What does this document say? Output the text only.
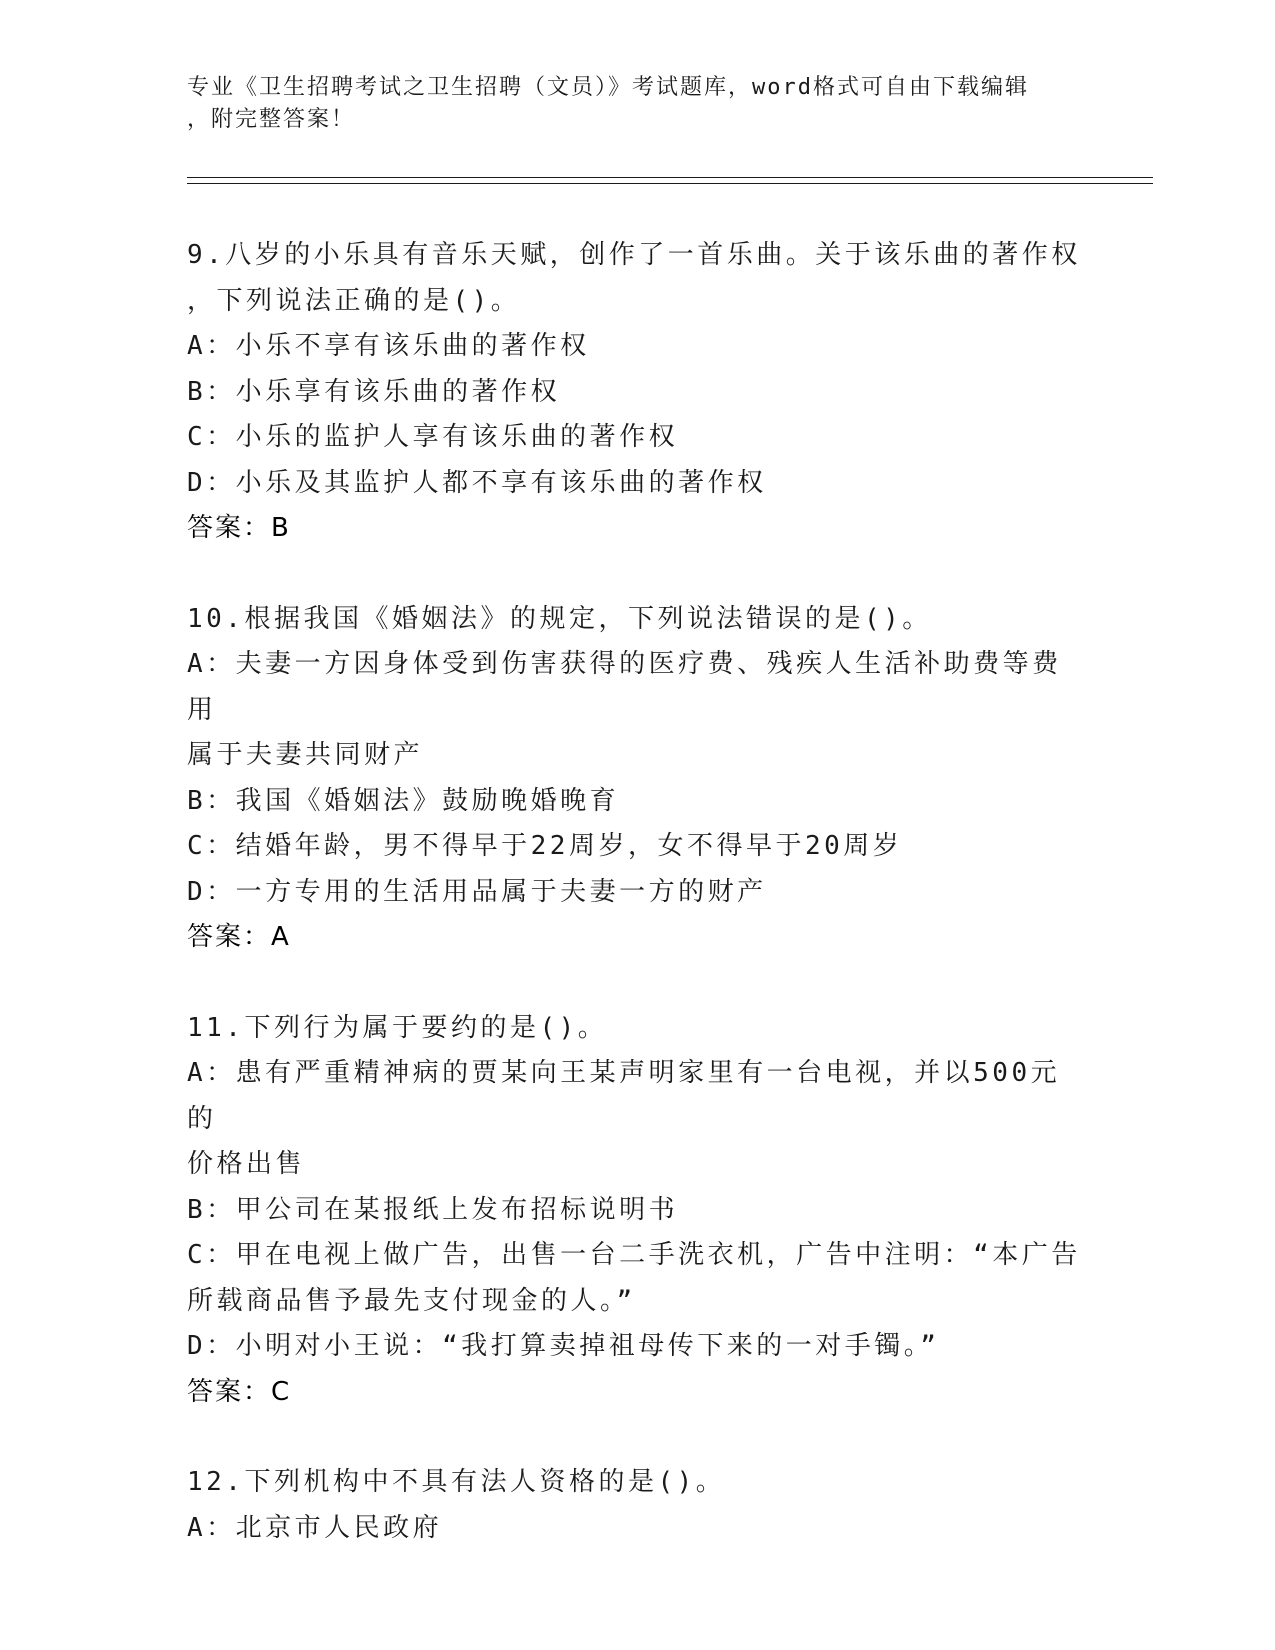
专业《卫生招聘考试之卫生招聘（文员）》考试题库，word格式可自由下载编辑
，附完整答案！
9.八岁的小乐具有音乐天赋，创作了一首乐曲。关于该乐曲的著作权
，下列说法正确的是()。
A：小乐不享有该乐曲的著作权
B：小乐享有该乐曲的著作权
C：小乐的监护人享有该乐曲的著作权
D：小乐及其监护人都不享有该乐曲的著作权
答案：B
10.根据我国《婚姻法》的规定，下列说法错误的是()。
A：夫妻一方因身体受到伤害获得的医疗费、残疾人生活补助费等费用
属于夫妻共同财产
B：我国《婚姻法》鼓励晚婚晚育
C：结婚年龄，男不得早于22周岁，女不得早于20周岁
D：一方专用的生活用品属于夫妻一方的财产
答案：A
11.下列行为属于要约的是()。
A：患有严重精神病的贾某向王某声明家里有一台电视，并以500元的
价格出售
B：甲公司在某报纸上发布招标说明书
C：甲在电视上做广告，出售一台二手洗衣机，广告中注明：“本广告
所载商品售予最先支付现金的人。”
D：小明对小王说：“我打算卖掉祖母传下来的一对手镯。”
答案：C
12.下列机构中不具有法人资格的是()。
A：北京市人民政府
